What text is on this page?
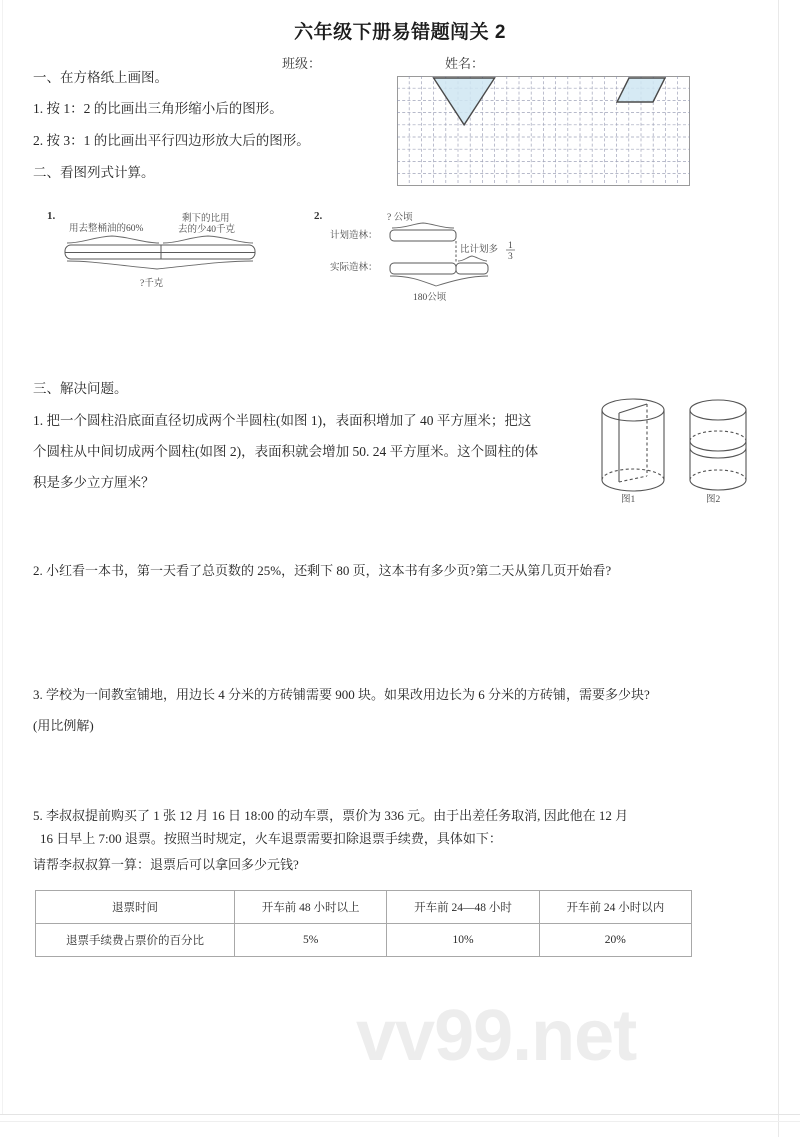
六年级下册易错题闯关 2
班级：	姓名：
一、在方格纸上画图。
1. 按 1：2 的比画出三角形缩小后的图形。
2. 按 3：1 的比画出平行四边形放大后的图形。
二、看图列式计算。
1.
用去整桶油的60%
剩下的比用
去的少40千克
?千克
2.	? 公顷
计划造林：
实际造林：
比计划多 1
3
180公顷
三、解决问题。
1. 把一个圆柱沿底面直径切成两个半圆柱(如图 1)，表面积增加了 40 平方厘米；把这
个圆柱从中间切成两个圆柱(如图 2)，表面积就会增加 50. 24 平方厘米。这个圆柱的体
积是多少立方厘米？
图1	图2
2. 小红看一本书，第一天看了总页数的 25%，还剩下 80 页，这本书有多少页?第二天从第几页开始看?
3. 学校为一间教室铺地，用边长 4 分米的方砖铺需要 900 块。如果改用边长为 6 分米的方砖铺，需要多少块?
(用比例解)
5. 李叔叔提前购买了 1 张 12 月 16 日 18:00 的动车票，票价为 336 元。由于出差任务取消, 因此他在 12 月
16 日早上 7:00 退票。按照当时规定，火车退票需要扣除退票手续费，具体如下：
请帮李叔叔算一算：退票后可以拿回多少元钱?
退票时间	开车前 48 小时以上	开车前 24—48 小时	开车前 24 小时以内
退票手续费占票价的百分比	5%	10%	20%
vv99.net
